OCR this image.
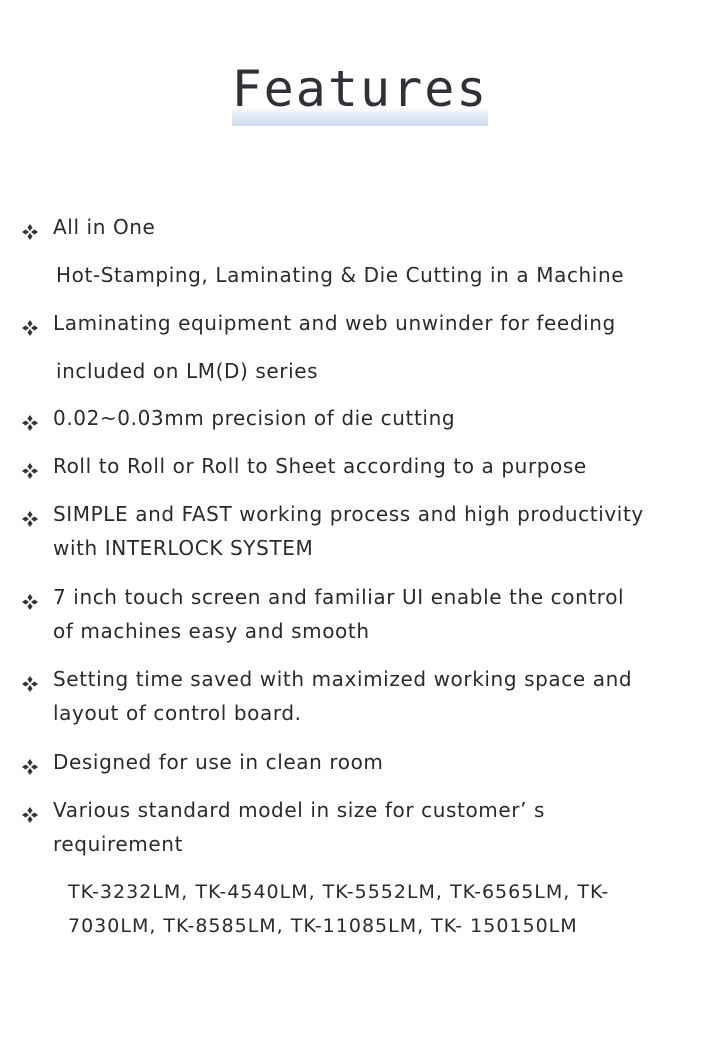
Features
All in One
Hot-Stamping, Laminating & Die Cutting in a Machine
Laminating equipment and web unwinder for feeding
included on LM(D) series
0.02~0.03mm precision of die cutting
Roll to Roll or Roll to Sheet according to a purpose
SIMPLE and FAST working process and high productivity
with INTERLOCK SYSTEM
7 inch touch screen and familiar UI enable the control
of machines easy and smooth
Setting time saved with maximized working space and
layout of control board.
Designed for use in clean room
Various standard model in size for customer’ s
requirement
TK-3232LM, TK-4540LM, TK-5552LM, TK-6565LM, TK-
7030LM, TK-8585LM, TK-11085LM, TK- 150150LM
